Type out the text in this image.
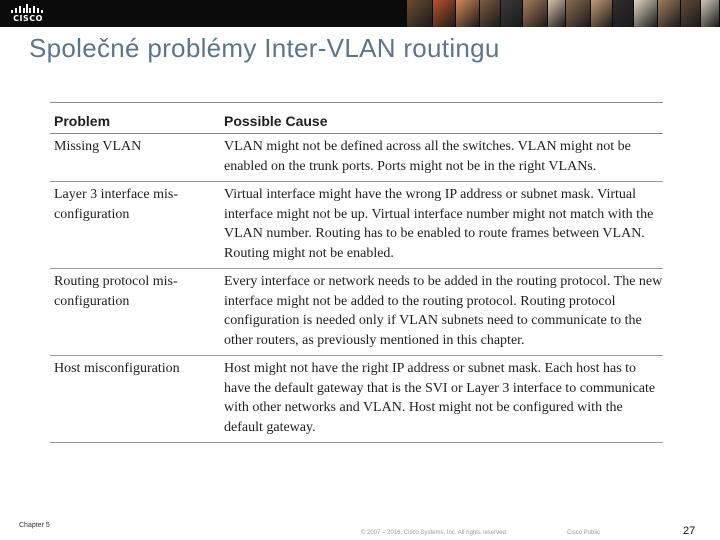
CISCO
Společné problémy Inter-VLAN routingu
Problem	Possible Cause
Missing VLAN	VLAN might not be defined across all the switches. VLAN might not be enabled on the trunk ports. Ports might not be in the right VLANs.
Layer 3 interface mis-configuration	Virtual interface might have the wrong IP address or subnet mask. Virtual interface might not be up. Virtual interface number might not match with the VLAN number. Routing has to be enabled to route frames between VLAN. Routing might not be enabled.
Routing protocol mis-configuration	Every interface or network needs to be added in the routing protocol. The new interface might not be added to the routing protocol. Routing protocol configuration is needed only if VLAN subnets need to communicate to the other routers, as previously mentioned in this chapter.
Host misconfiguration	Host might not have the right IP address or subnet mask. Each host has to have the default gateway that is the SVI or Layer 3 interface to communicate with other networks and VLAN. Host might not be configured with the default gateway.
Chapter 5
© 2007 – 2016, Cisco Systems, Inc. All rights reserved.	Cisco Public	27
